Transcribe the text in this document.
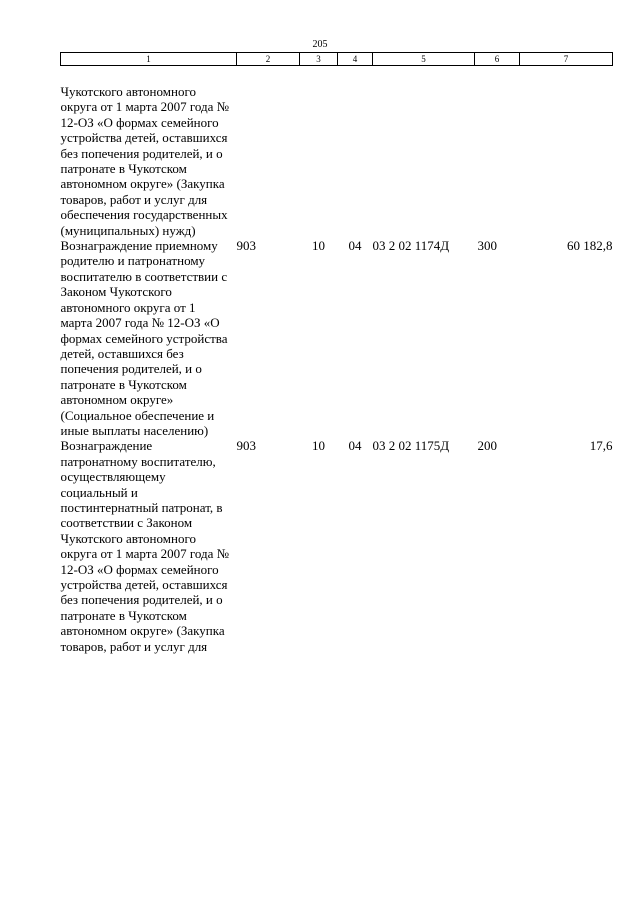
205
1	2	3	4	5	6	7
Чукотского автономного округа от 1 марта 2007 года № 12-ОЗ «О формах семейного устройства детей, оставшихся без попечения родителей, и о патронате в Чукотском автономном округе» (Закупка товаров, работ и услуг для обеспечения государственных (муниципальных) нужд)						
Вознаграждение приемному родителю и патронатному воспитателю в соответствии с Законом Чукотского автономного округа от 1 марта 2007 года № 12-ОЗ «О формах семейного устройства детей, оставшихся без попечения родителей, и о патронате в Чукотском автономном округе» (Социальное обеспечение и иные выплаты населению)	903	10	04	03 2 02 1174Д	300	60 182,8
Вознаграждение патронатному воспитателю, осуществляющему социальный и постинтернатный патронат, в соответствии с Законом Чукотского автономного округа от 1 марта 2007 года № 12-ОЗ «О формах семейного устройства детей, оставшихся без попечения родителей, и о патронате в Чукотском автономном округе» (Закупка товаров, работ и услуг для	903	10	04	03 2 02 1175Д	200	17,6
